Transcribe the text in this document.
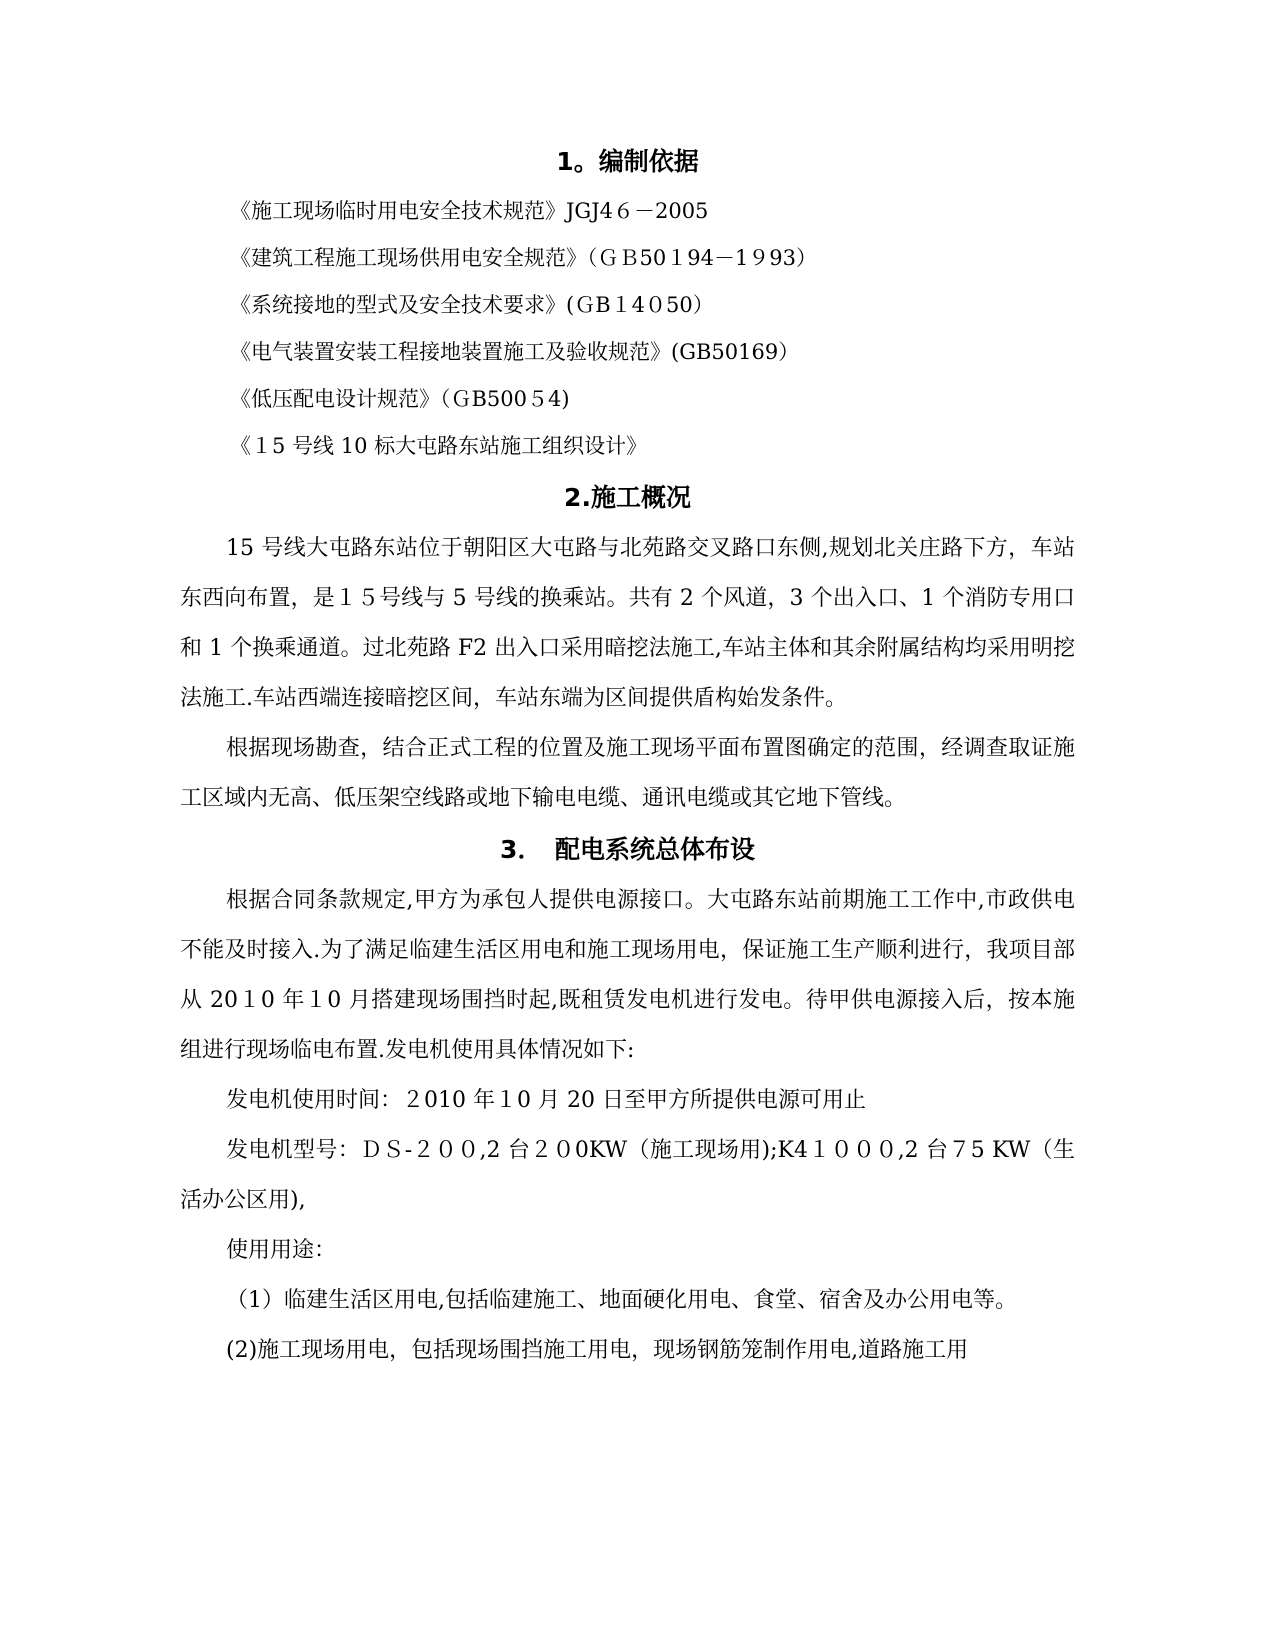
1。编制依据
《施工现场临时用电安全技术规范》JGJ4６－2005
《建筑工程施工现场供用电安全规范》（ＧＢ50１94－1９93）
《系统接地的型式及安全技术要求》(ＧB１4０50）
《电气装置安装工程接地装置施工及验收规范》(GB50169）
《低压配电设计规范》（ＧB500５4)
《１5 号线 10 标大屯路东站施工组织设计》
2.施工概况

15 号线大屯路东站位于朝阳区大屯路与北苑路交叉路口东侧,规划北关庄路下方，车站东西向布置，是１５号线与 5 号线的换乘站。共有 2 个风道，3 个出入口、1 个消防专用口和 1 个换乘通道。过北苑路 F2 出入口采用暗挖法施工,车站主体和其余附属结构均采用明挖法施工.车站西端连接暗挖区间，车站东端为区间提供盾构始发条件。

根据现场勘查，结合正式工程的位置及施工现场平面布置图确定的范围，经调查取证施工区域内无高、低压架空线路或地下输电电缆、通讯电缆或其它地下管线。

3．　配电系统总体布设

根据合同条款规定,甲方为承包人提供电源接口。大屯路东站前期施工工作中,市政供电不能及时接入.为了满足临建生活区用电和施工现场用电，保证施工生产顺利进行，我项目部从 20１0 年１0 月搭建现场围挡时起,既租赁发电机进行发电。待甲供电源接入后，按本施组进行现场临电布置.发电机使用具体情况如下:

发电机使用时间：２010 年１0 月 20 日至甲方所提供电源可用止

发电机型号：ＤＳ-２００,2 台２０0KW（施工现场用);K4１０００,2 台７5 KW（生活办公区用),

使用用途：

（1）临建生活区用电,包括临建施工、地面硬化用电、食堂、宿舍及办公用电等。

(2)施工现场用电，包括现场围挡施工用电，现场钢筋笼制作用电,道路施工用
